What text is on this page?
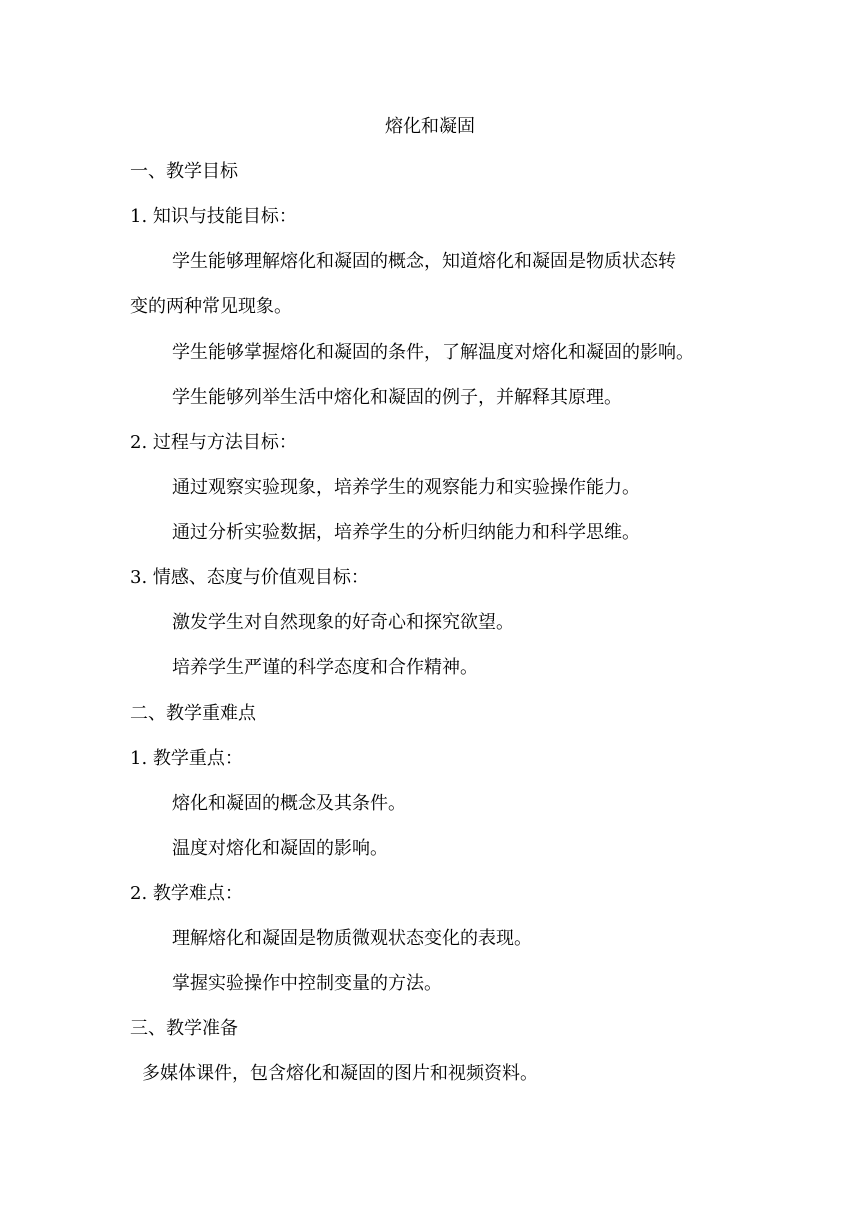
熔化和凝固
一、教学目标
1. 知识与技能目标：
学生能够理解熔化和凝固的概念，知道熔化和凝固是物质状态转
变的两种常见现象。
学生能够掌握熔化和凝固的条件，了解温度对熔化和凝固的影响。
学生能够列举生活中熔化和凝固的例子，并解释其原理。
2. 过程与方法目标：
通过观察实验现象，培养学生的观察能力和实验操作能力。
通过分析实验数据，培养学生的分析归纳能力和科学思维。
3. 情感、态度与价值观目标：
激发学生对自然现象的好奇心和探究欲望。
培养学生严谨的科学态度和合作精神。
二、教学重难点
1. 教学重点：
熔化和凝固的概念及其条件。
温度对熔化和凝固的影响。
2. 教学难点：
理解熔化和凝固是物质微观状态变化的表现。
掌握实验操作中控制变量的方法。
三、教学准备
多媒体课件，包含熔化和凝固的图片和视频资料。
